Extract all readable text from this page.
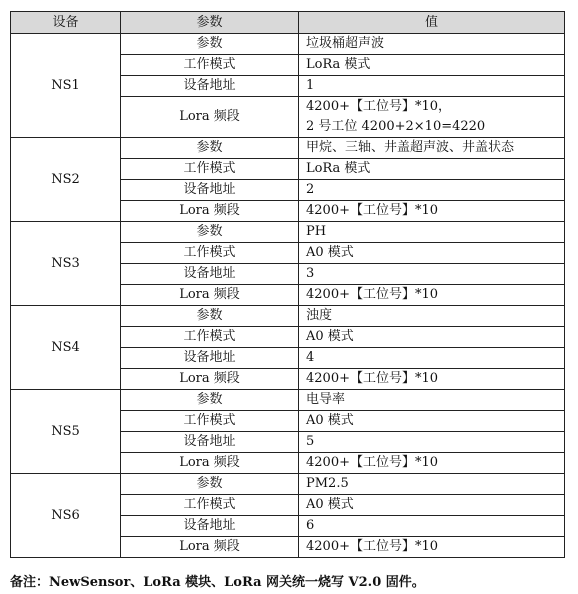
设备	参数	值
NS1	参数	垃圾桶超声波
	工作模式	LoRa 模式
	设备地址	1
	Lora 频段	4200+【工位号】*10，
2 号工位 4200+2×10=4220

NS2	参数	甲烷、三轴、井盖超声波、井盖状态
	工作模式	LoRa 模式
	设备地址	2
	Lora 频段	4200+【工位号】*10
NS3	参数	PH
	工作模式	A0 模式
	设备地址	3
	Lora 频段	4200+【工位号】*10
NS4	参数	浊度
	工作模式	A0 模式
	设备地址	4
	Lora 频段	4200+【工位号】*10
NS5	参数	电导率
	工作模式	A0 模式
	设备地址	5
	Lora 频段	4200+【工位号】*10
NS6	参数	PM2.5
	工作模式	A0 模式
	设备地址	6
	Lora 频段	4200+【工位号】*10
备注：NewSensor、LoRa 模块、LoRa 网关统一烧写 V2.0 固件。
